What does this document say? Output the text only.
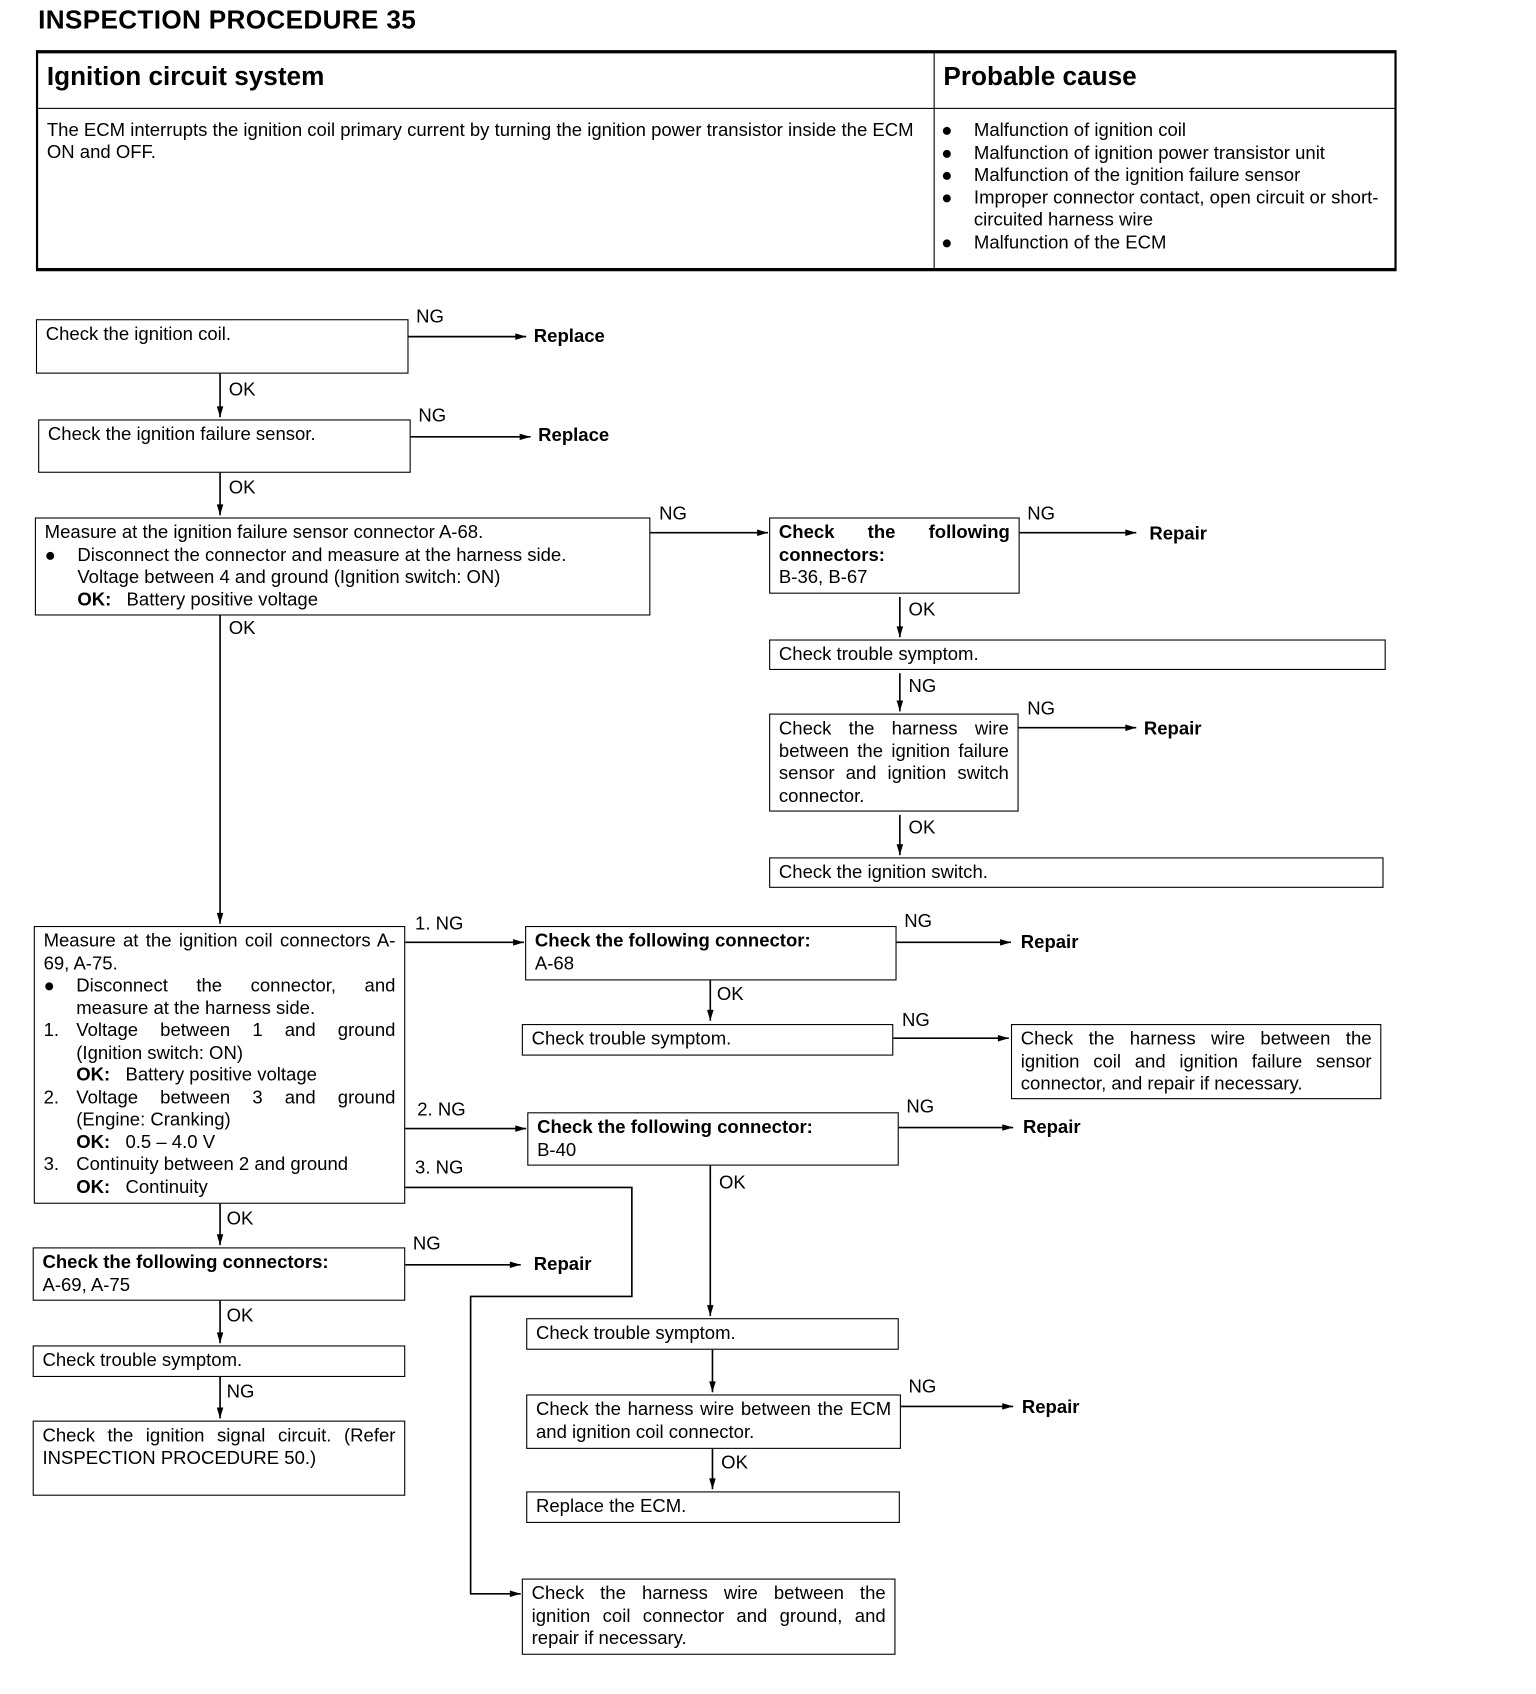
INSPECTION PROCEDURE 35
Ignition circuit system	Probable cause
The ECM interrupts the ignition coil primary current by turning the ignition power transistor inside the ECM ON and OFF.
●	Malfunction of ignition coil
●	Malfunction of ignition power transistor unit
●	Malfunction of the ignition failure sensor
●	Improper connector contact, open circuit or short-circuited harness wire
●	Malfunction of the ECM
Check the ignition coil.
Check the ignition failure sensor.
Measure at the ignition failure sensor connector A-68.
●	Disconnect the connector and measure at the harness side.
Voltage between 4 and ground (Ignition switch: ON)
OK: Battery positive voltage
Check the following connectors:
B-36, B-67
Check trouble symptom.
Check the harness wire between the ignition failure sensor and ignition switch connector.
Check the ignition switch.
Measure at the ignition coil connectors A-69, A-75.
●	Disconnect the connector, and measure at the harness side.
1.	Voltage between 1 and ground (Ignition switch: ON)
OK: Battery positive voltage
2.	Voltage between 3 and ground (Engine: Cranking)
OK: 0.5 – 4.0 V
3.	Continuity between 2 and ground
OK: Continuity
Check the following connector:
A-68
Check trouble symptom.	Check the harness wire between the ignition coil and ignition failure sensor connector, and repair if necessary.
Check the following connector:
B-40
Check the following connectors:
A-69, A-75
Check trouble symptom.
Check the ignition signal circuit. (Refer INSPECTION PROCEDURE 50.)
Check trouble symptom.
Check the harness wire between the ECM and ignition coil connector.
Replace the ECM.
Check the harness wire between the ignition coil connector and ground, and repair if necessary.
NG
Replace
OK
NG
Replace
OK
NG	NG
Repair
OK
NG
NG
Repair
OK
OK
1. NG	NG
Repair
OK
NG
2. NG	NG
Repair
OK
3. NG
OK
NG
Repair
OK
NG	NG
Repair
OK
